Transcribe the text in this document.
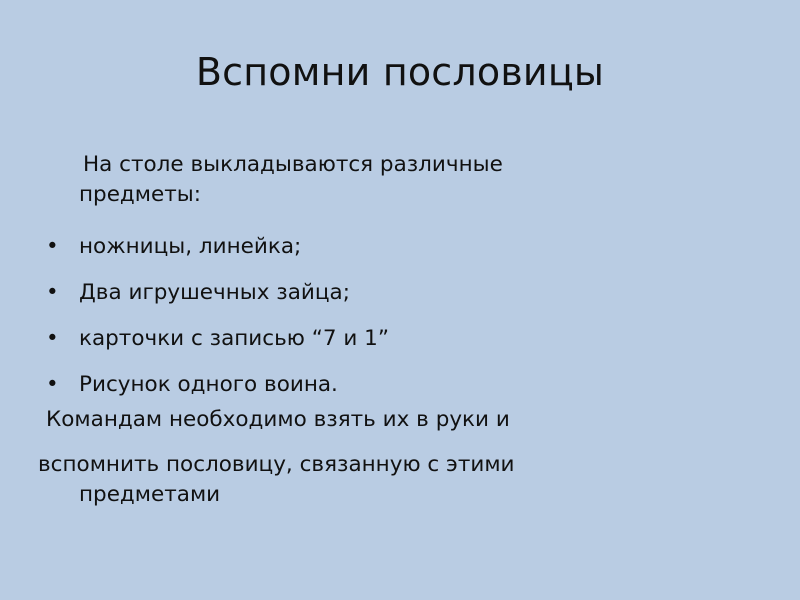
Вспомни пословицы
На столе выкладываются различные
предметы:
• ножницы, линейка;
• Два игрушечных зайца;
• карточки с записью “7 и 1”
• Рисунок одного воина.
Командам необходимо взять их в руки и
вспомнить пословицу, связанную с этими
предметами
